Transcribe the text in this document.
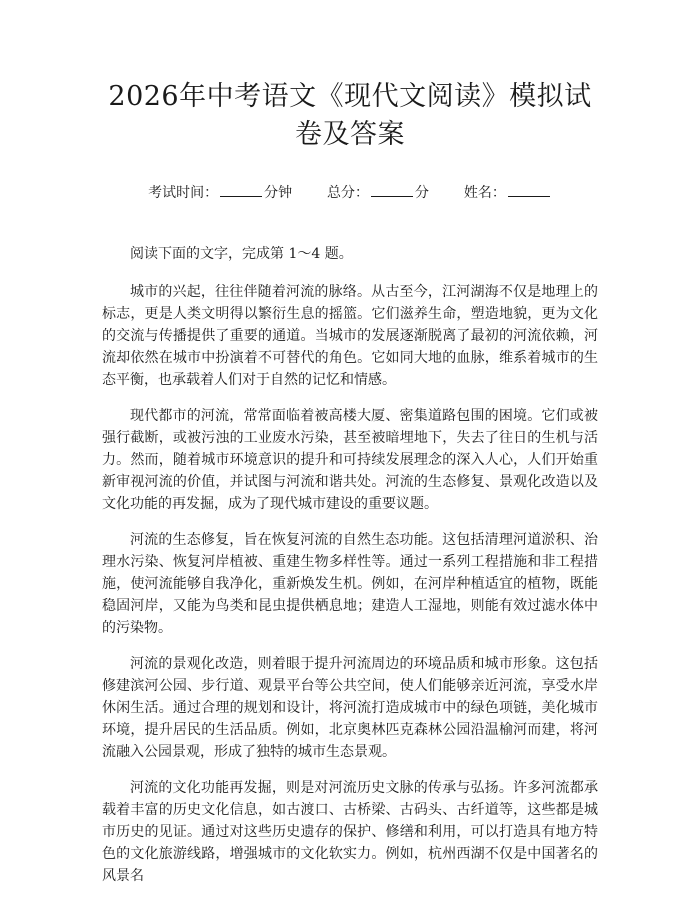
2026年中考语文《现代文阅读》模拟试卷及答案
考试时间：	分钟 总分：	分 姓名：

阅读下面的文字，完成第 1～4 题。

城市的兴起，往往伴随着河流的脉络。从古至今，江河湖海不仅是地理上的标志，更是人类文明得以繁衍生息的摇篮。它们滋养生命，塑造地貌，更为文化的交流与传播提供了重要的通道。当城市的发展逐渐脱离了最初的河流依赖，河流却依然在城市中扮演着不可替代的角色。它如同大地的血脉，维系着城市的生态平衡，也承载着人们对于自然的记忆和情感。

现代都市的河流，常常面临着被高楼大厦、密集道路包围的困境。它们或被强行截断，或被污浊的工业废水污染，甚至被暗埋地下，失去了往日的生机与活力。然而，随着城市环境意识的提升和可持续发展理念的深入人心，人们开始重新审视河流的价值，并试图与河流和谐共处。河流的生态修复、景观化改造以及文化功能的再发掘，成为了现代城市建设的重要议题。

河流的生态修复，旨在恢复河流的自然生态功能。这包括清理河道淤积、治理水污染、恢复河岸植被、重建生物多样性等。通过一系列工程措施和非工程措施，使河流能够自我净化，重新焕发生机。例如，在河岸种植适宜的植物，既能稳固河岸，又能为鸟类和昆虫提供栖息地；建造人工湿地，则能有效过滤水体中的污染物。

河流的景观化改造，则着眼于提升河流周边的环境品质和城市形象。这包括修建滨河公园、步行道、观景平台等公共空间，使人们能够亲近河流，享受水岸休闲生活。通过合理的规划和设计，将河流打造成城市中的绿色项链，美化城市环境，提升居民的生活品质。例如，北京奥林匹克森林公园沿温榆河而建，将河流融入公园景观，形成了独特的城市生态景观。

河流的文化功能再发掘，则是对河流历史文脉的传承与弘扬。许多河流都承载着丰富的历史文化信息，如古渡口、古桥梁、古码头、古纤道等，这些都是城市历史的见证。通过对这些历史遗存的保护、修缮和利用，可以打造具有地方特色的文化旅游线路，增强城市的文化软实力。例如，杭州西湖不仅是中国著名的风景名
